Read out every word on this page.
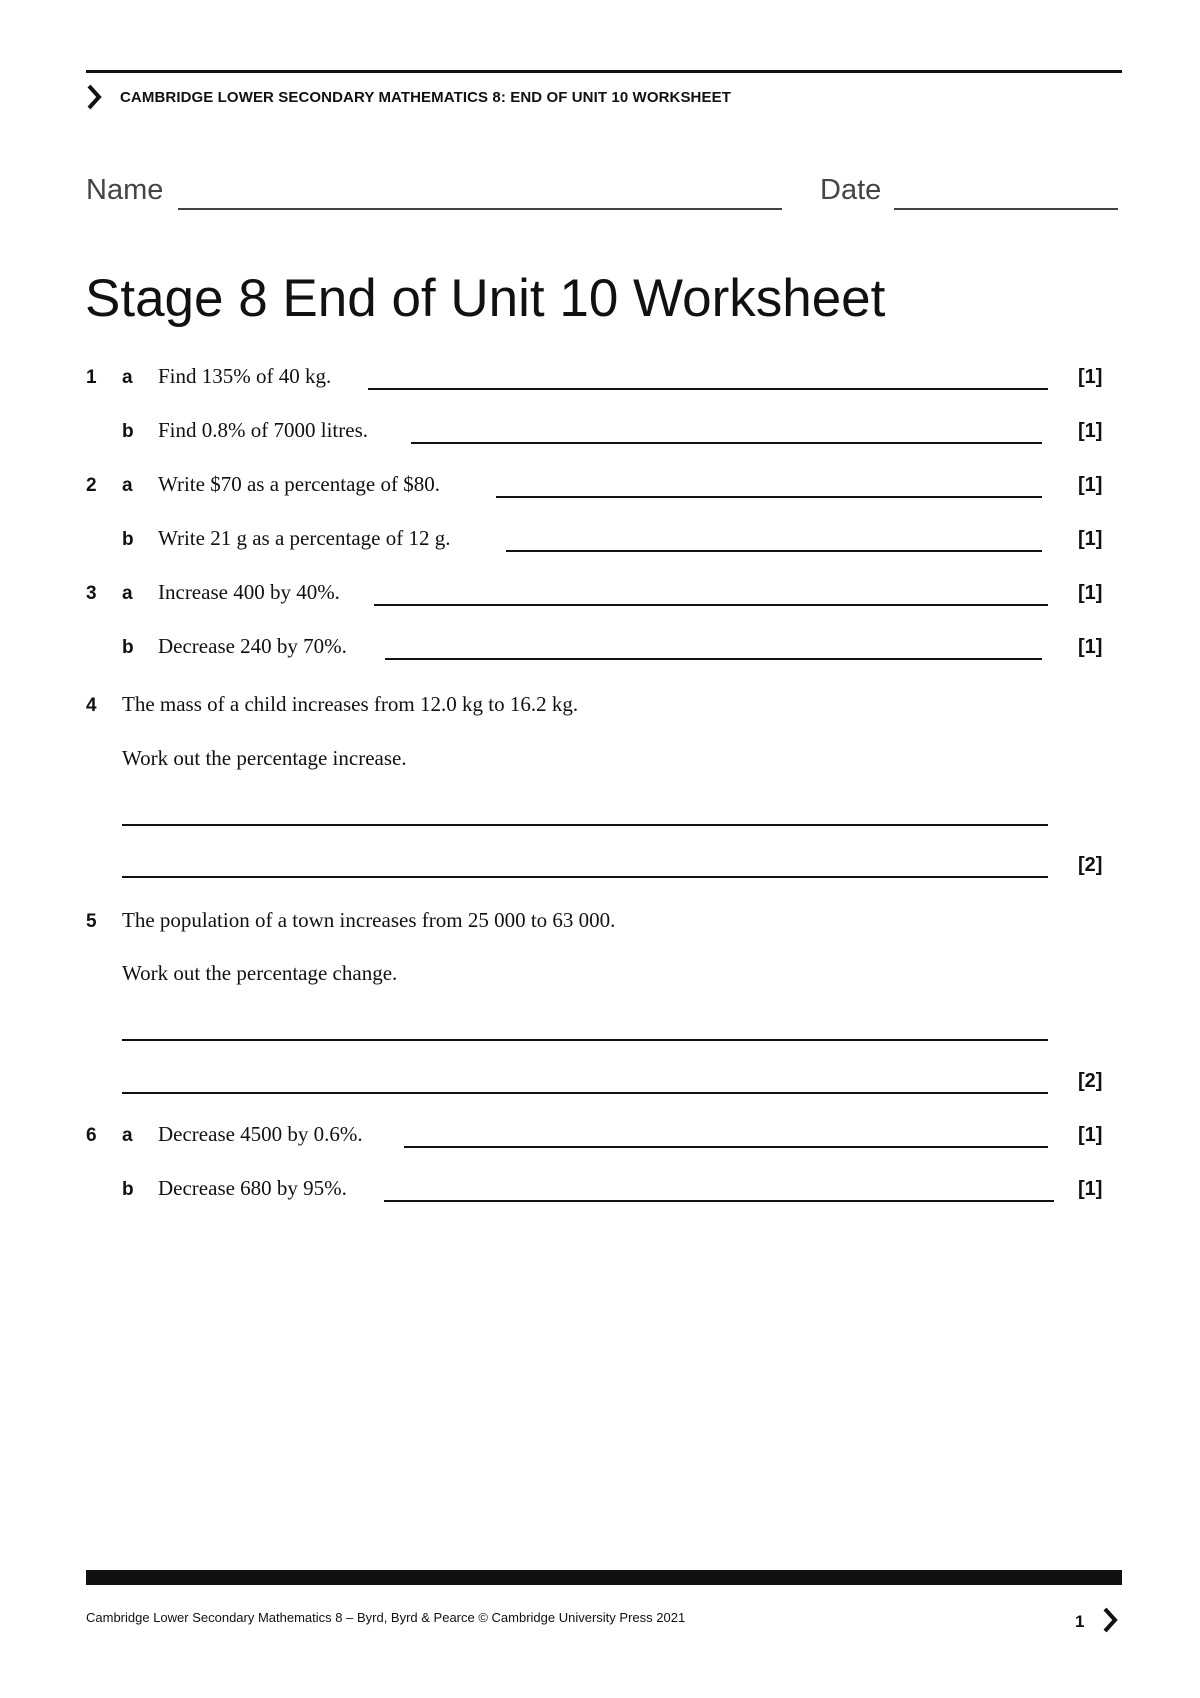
CAMBRIDGE LOWER SECONDARY MATHEMATICS 8: END OF UNIT 10 WORKSHEET
Name	Date
Stage 8 End of Unit 10 Worksheet
1 a Find 135% of 40 kg.	[1]
b Find 0.8% of 7000 litres.	[1]
2 a Write $70 as a percentage of $80.	[1]
b Write 21 g as a percentage of 12 g.	[1]
3 a Increase 400 by 40%.	[1]
b Decrease 240 by 70%.	[1]
4 The mass of a child increases from 12.0 kg to 16.2 kg.
Work out the percentage increase.
[2]
5 The population of a town increases from 25 000 to 63 000.
Work out the percentage change.
[2]
6 a Decrease 4500 by 0.6%.	[1]
b Decrease 680 by 95%.	[1]
Cambridge Lower Secondary Mathematics 8 – Byrd, Byrd & Pearce © Cambridge University Press 2021	1
